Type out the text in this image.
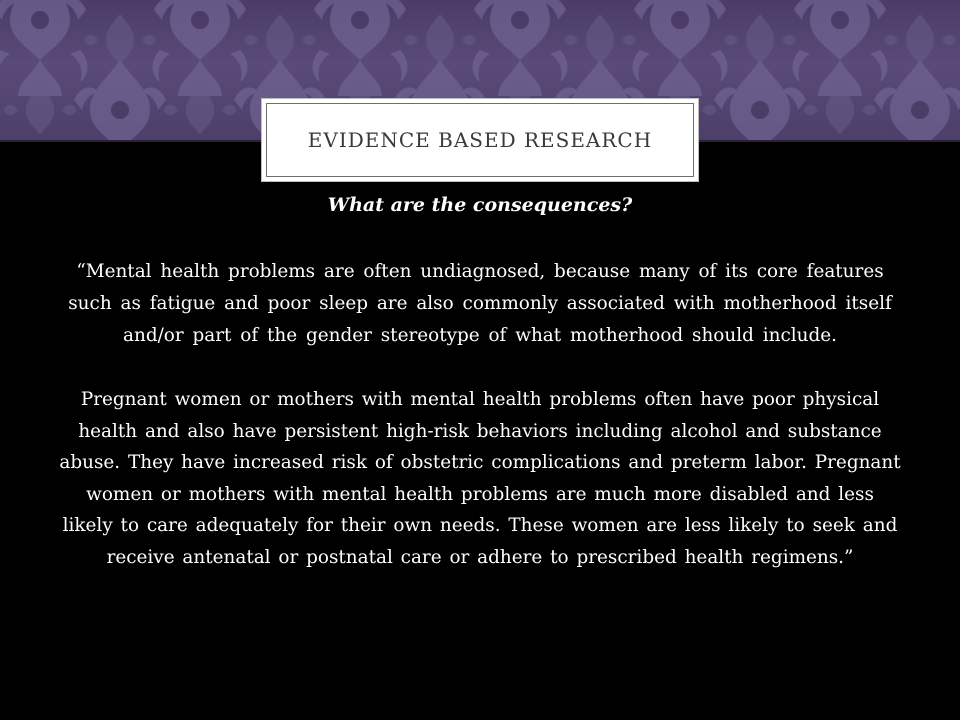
EVIDENCE BASED RESEARCH

What are the consequences?

“Mental health problems are often undiagnosed, because many of its core features such as fatigue and poor sleep are also commonly associated with motherhood itself and/or part of the gender stereotype of what motherhood should include.

Pregnant women or mothers with mental health problems often have poor physical health and also have persistent high-risk behaviors including alcohol and substance abuse. They have increased risk of obstetric complications and preterm labor. Pregnant women or mothers with mental health problems are much more disabled and less likely to care adequately for their own needs. These women are less likely to seek and receive antenatal or postnatal care or adhere to prescribed health regimens.”
